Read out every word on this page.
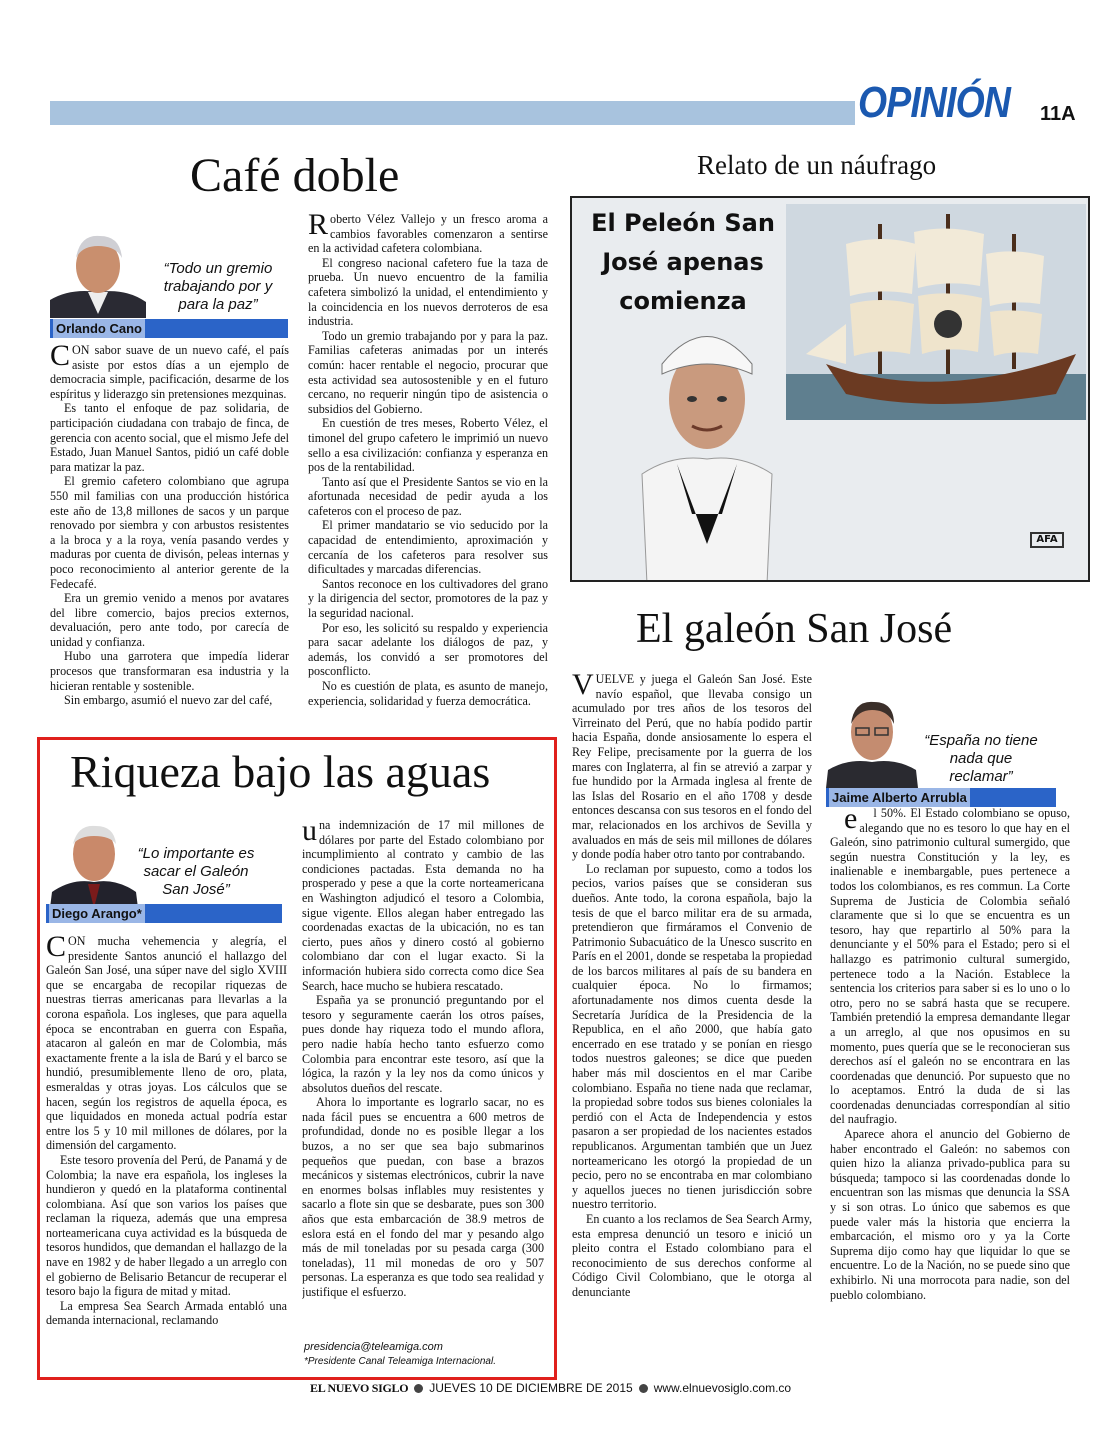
OPINIÓN 11A
Café doble
“Todo un gremio trabajando por y para la paz”
Orlando Cano

CON sabor suave de un nuevo café, el país asiste por estos días a un ejemplo de democracia simple, pacificación, desarme de los espíritus y liderazgo sin pretensiones mezquinas.

Es tanto el enfoque de paz solidaria, de participación ciudadana con trabajo de finca, de gerencia con acento social, que el mismo Jefe del Estado, Juan Manuel Santos, pidió un café doble para matizar la paz.

El gremio cafetero colombiano que agrupa 550 mil familias con una producción histórica este año de 13,8 millones de sacos y un parque renovado por siembra y con arbustos resistentes a la broca y a la roya, venía pasando verdes y maduras por cuenta de divisón, peleas internas y poco reconocimiento al anterior gerente de la Fedecafé.

Era un gremio venido a menos por avatares del libre comercio, bajos precios externos, devaluación, pero ante todo, por carecía de unidad y confianza.

Hubo una garrotera que impedía liderar procesos que transformaran esa industria y la hicieran rentable y sostenible.

Sin embargo, asumió el nuevo zar del café,

Roberto Vélez Vallejo y un fresco aroma a cambios favorables comenzaron a sentirse en la actividad cafetera colombiana.

El congreso nacional cafetero fue la taza de prueba. Un nuevo encuentro de la familia cafetera simbolizó la unidad, el entendimiento y la coincidencia en los nuevos derroteros de esa industria.

Todo un gremio trabajando por y para la paz. Familias cafeteras animadas por un interés común: hacer rentable el negocio, procurar que esta actividad sea autosostenible y en el futuro cercano, no requerir ningún tipo de asistencia o subsidios del Gobierno.

En cuestión de tres meses, Roberto Vélez, el timonel del grupo cafetero le imprimió un nuevo sello a esa civilización: confianza y esperanza en pos de la rentabilidad.

Tanto así que el Presidente Santos se vio en la afortunada necesidad de pedir ayuda a los cafeteros con el proceso de paz.

El primer mandatario se vio seducido por la capacidad de entendimiento, aproximación y cercanía de los cafeteros para resolver sus dificultades y marcadas diferencias.

Santos reconoce en los cultivadores del grano y la dirigencia del sector, promotores de la paz y la seguridad nacional.

Por eso, les solicitó su respaldo y experiencia para sacar adelante los diálogos de paz, y además, los convidó a ser promotores del posconflicto.

No es cuestión de plata, es asunto de manejo, experiencia, solidaridad y fuerza democrática.

Relato de un náufrago
El Peleón San José apenas comienza
AFA
Riqueza bajo las aguas
“Lo importante es sacar el Galeón San José”
Diego Arango*

CON mucha vehemencia y alegría, el presidente Santos anunció el hallazgo del Galeón San José, una súper nave del siglo XVIII que se encargaba de recopilar riquezas de nuestras tierras americanas para llevarlas a la corona española. Los ingleses, que para aquella época se encontraban en guerra con España, atacaron al galeón en mar de Colombia, más exactamente frente a la isla de Barú y el barco se hundió, presumiblemente lleno de oro, plata, esmeraldas y otras joyas. Los cálculos que se hacen, según los registros de aquella época, es que liquidados en moneda actual podría estar entre los 5 y 10 mil millones de dólares, por la dimensión del cargamento.

Este tesoro provenía del Perú, de Panamá y de Colombia; la nave era española, los ingleses la hundieron y quedó en la plataforma continental colombiana. Así que son varios los países que reclaman la riqueza, además que una empresa norteamericana cuya actividad es la búsqueda de tesoros hundidos, que demandan el hallazgo de la nave en 1982 y de haber llegado a un arreglo con el gobierno de Belisario Betancur de recuperar el tesoro bajo la figura de mitad y mitad.

La empresa Sea Search Armada entabló una demanda internacional, reclamando

una indemnización de 17 mil millones de dólares por parte del Estado colombiano por incumplimiento al contrato y cambio de las condiciones pactadas. Esta demanda no ha prosperado y pese a que la corte norteamericana en Washington adjudicó el tesoro a Colombia, sigue vigente. Ellos alegan haber entregado las coordenadas exactas de la ubicación, no es tan cierto, pues años y dinero costó al gobierno colombiano dar con el lugar exacto. Si la información hubiera sido correcta como dice Sea Search, hace mucho se hubiera rescatado.

España ya se pronunció preguntando por el tesoro y seguramente caerán los otros países, pues donde hay riqueza todo el mundo aflora, pero nadie había hecho tanto esfuerzo como Colombia para encontrar este tesoro, así que la lógica, la razón y la ley nos da como únicos y absolutos dueños del rescate.

Ahora lo importante es lograrlo sacar, no es nada fácil pues se encuentra a 600 metros de profundidad, donde no es posible llegar a los buzos, a no ser que sea bajo submarinos pequeños que puedan, con base a brazos mecánicos y sistemas electrónicos, cubrir la nave en enormes bolsas inflables muy resistentes y sacarlo a flote sin que se desbarate, pues son 300 años que esta embarcación de 38.9 metros de eslora está en el fondo del mar y pesando algo más de mil toneladas por su pesada carga (300 toneladas), 11 mil monedas de oro y 507 personas. La esperanza es que todo sea realidad y justifique el esfuerzo.

presidencia@teleamiga.com
*Presidente Canal Teleamiga Internacional.
El galeón San José
“España no tiene nada que reclamar”
Jaime Alberto Arrubla

VUELVE y juega el Galeón San José. Este navío español, que llevaba consigo un acumulado por tres años de los tesoros del Virreinato del Perú, que no había podido partir hacia España, donde ansiosamente lo espera el Rey Felipe, precisamente por la guerra de los mares con Inglaterra, al fin se atrevió a zarpar y fue hundido por la Armada inglesa al frente de las Islas del Rosario en el año 1708 y desde entonces descansa con sus tesoros en el fondo del mar, relacionados en los archivos de Sevilla y avaluados en más de seis mil millones de dólares y donde podía haber otro tanto por contrabando.

Lo reclaman por supuesto, como a todos los pecios, varios países que se consideran sus dueños. Ante todo, la corona española, bajo la tesis de que el barco militar era de su armada, pretendieron que firmáramos el Convenio de Patrimonio Subacuático de la Unesco suscrito en París en el 2001, donde se respetaba la propiedad de los barcos militares al país de su bandera en cualquier época. No lo firmamos; afortunadamente nos dimos cuenta desde la Secretaría Jurídica de la Presidencia de la Republica, en el año 2000, que había gato encerrado en ese tratado y se ponían en riesgo todos nuestros galeones; se dice que pueden haber más mil doscientos en el mar Caribe colombiano. España no tiene nada que reclamar, la propiedad sobre todos sus bienes coloniales la perdió con el Acta de Independencia y estos pasaron a ser propiedad de los nacientes estados republicanos. Argumentan también que un Juez norteamericano les otorgó la propiedad de un pecio, pero no se encontraba en mar colombiano y aquellos jueces no tienen jurisdicción sobre nuestro territorio.

En cuanto a los reclamos de Sea Search Army, esta empresa denunció un tesoro e inició un pleito contra el Estado colombiano para el reconocimiento de sus derechos conforme al Código Civil Colombiano, que le otorga al denunciante

el 50%. El Estado colombiano se opuso, alegando que no es tesoro lo que hay en el Galeón, sino patrimonio cultural sumergido, que según nuestra Constitución y la ley, es inalienable e inembargable, pues pertenece a todos los colombianos, es res commun. La Corte Suprema de Justicia de Colombia señaló claramente que si lo que se encuentra es un tesoro, hay que repartirlo al 50% para la denunciante y el 50% para el Estado; pero si el hallazgo es patrimonio cultural sumergido, pertenece todo a la Nación. Establece la sentencia los criterios para saber si es lo uno o lo otro, pero no se sabrá hasta que se recupere. También pretendió la empresa demandante llegar a un arreglo, al que nos opusimos en su momento, pues quería que se le reconocieran sus derechos así el galeón no se encontrara en las coordenadas que denunció. Por supuesto que no lo aceptamos. Entró la duda de si las coordenadas denunciadas correspondían al sitio del naufragio.

Aparece ahora el anuncio del Gobierno de haber encontrado el Galeón: no sabemos con quien hizo la alianza privado-publica para su búsqueda; tampoco si las coordenadas donde lo encuentran son las mismas que denuncia la SSA y si son otras. Lo único que sabemos es que puede valer más la historia que encierra la embarcación, el mismo oro y ya la Corte Suprema dijo como hay que liquidar lo que se encuentre. Lo de la Nación, no se puede sino que exhibirlo. Ni una morrocota para nadie, son del pueblo colombiano.

EL NUEVO SIGLO JUEVES 10 DE DICIEMBRE DE 2015 www.elnuevosiglo.com.co
